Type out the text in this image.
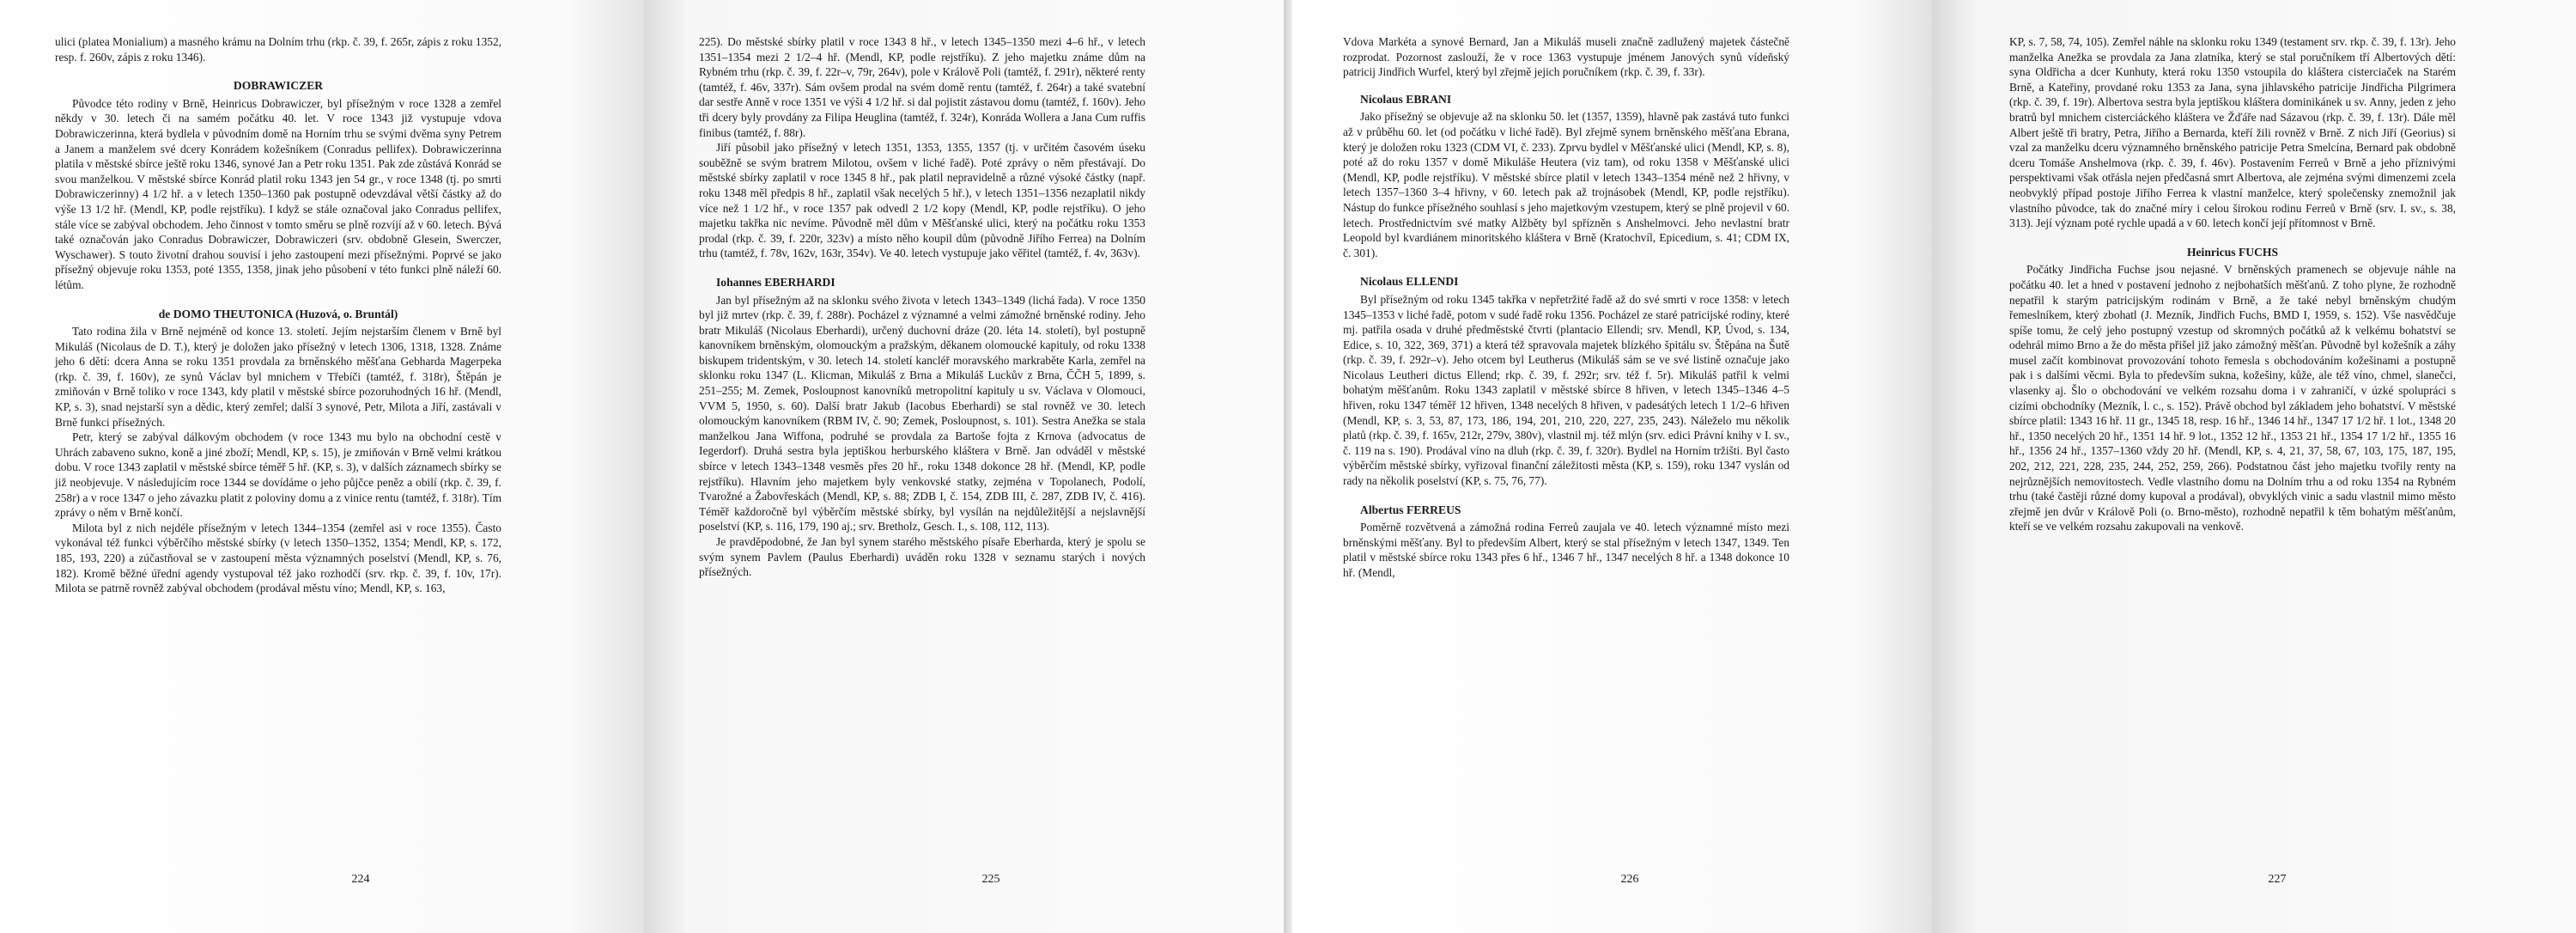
ulici (platea Monialium) a masného krámu na Dolním trhu (rkp. č. 39, f. 265r, zápis z roku 1352, resp. f. 260v, zápis z roku 1346).

DOBRAWICZER

Původce této rodiny v Brně, Heinricus Dobrawiczer, byl přísežným v roce 1328 a zemřel někdy v 30. letech či na samém počátku 40. let. V roce 1343 již vystupuje vdova Dobrawiczerinna, která bydlela v původním domě na Horním trhu se svými dvěma syny Petrem a Janem a manželem své dcery Konrádem kožešníkem (Conradus pellifex). Dobrawiczerinna platila v městské sbírce ještě roku 1346, synové Jan a Petr roku 1351. Pak zde zůstává Konrád se svou manželkou. V městské sbírce Konrád platil roku 1343 jen 54 gr., v roce 1348 (tj. po smrti Dobrawiczerinny) 4 1/2 hř. a v letech 1350–1360 pak postupně odevzdával větší částky až do výše 13 1/2 hř. (Mendl, KP, podle rejstříku). I když se stále označoval jako Conradus pellifex, stále více se zabýval obchodem. Jeho činnost v tomto směru se plně rozvíjí až v 60. letech. Bývá také označován jako Conradus Dobrawiczer, Dobrawiczeri (srv. obdobně Glesein, Swerczer, Wyschawer). S touto životní drahou souvisí i jeho zastoupení mezi přísežnými. Poprvé se jako přísežný objevuje roku 1353, poté 1355, 1358, jinak jeho působení v této funkci plně náleží 60. létům.

de DOMO THEUTONICA (Huzová, o. Bruntál)

Tato rodina žila v Brně nejméně od konce 13. století. Jejím nejstarším členem v Brně byl Mikuláš (Nicolaus de D. T.), který je doložen jako přísežný v letech 1306, 1318, 1328. Známe jeho 6 dětí: dcera Anna se roku 1351 provdala za brněnského měšťana Gebharda Magerpeka (rkp. č. 39, f. 160v), ze synů Václav byl mnichem v Třebíči (tamtéž, f. 318r), Štěpán je zmiňován v Brně toliko v roce 1343, kdy platil v městské sbírce pozoruhodných 16 hř. (Mendl, KP, s. 3), snad nejstarší syn a dědic, který zemřel; další 3 synové, Petr, Milota a Jiří, zastávali v Brně funkci přísežných.

Petr, který se zabýval dálkovým obchodem (v roce 1343 mu bylo na obchodní cestě v Uhrách zabaveno sukno, koně a jiné zboží; Mendl, KP, s. 15), je zmiňován v Brně velmi krátkou dobu. V roce 1343 zaplatil v městské sbírce téměř 5 hř. (KP, s. 3), v dalších záznamech sbírky se již neobjevuje. V následujícím roce 1344 se dovídáme o jeho půjčce peněz a obilí (rkp. č. 39, f. 258r) a v roce 1347 o jeho závazku platit z poloviny domu a z vinice rentu (tamtéž, f. 318r). Tím zprávy o něm v Brně končí.

Milota byl z nich nejdéle přísežným v letech 1344–1354 (zemřel asi v roce 1355). Často vykonával též funkci výběrčího městské sbírky (v letech 1350–1352, 1354; Mendl, KP, s. 172, 185, 193, 220) a zúčastňoval se v zastoupení města významných poselství (Mendl, KP, s. 76, 182). Kromě běžné úřední agendy vystupoval též jako rozhodčí (srv. rkp. č. 39, f. 10v, 17r). Milota se patrně rovněž zabýval obchodem (prodával městu víno; Mendl, KP, s. 163,

224

225). Do městské sbírky platil v roce 1343 8 hř., v letech 1345–1350 mezi 4–6 hř., v letech 1351–1354 mezi 2 1/2–4 hř. (Mendl, KP, podle rejstříku). Z jeho majetku známe dům na Rybném trhu (rkp. č. 39, f. 22r–v, 79r, 264v), pole v Králově Poli (tamtéž, f. 291r), některé renty (tamtéž, f. 46v, 337r). Sám ovšem prodal na svém domě rentu (tamtéž, f. 264r) a také svatební dar sestře Anně v roce 1351 ve výši 4 1/2 hř. si dal pojistit zástavou domu (tamtéž, f. 160v). Jeho tři dcery byly provdány za Filipa Heuglina (tamtéž, f. 324r), Konráda Wollera a Jana Cum ruffis finibus (tamtéž, f. 88r).

Jiří působil jako přísežný v letech 1351, 1353, 1355, 1357 (tj. v určitém časovém úseku souběžně se svým bratrem Milotou, ovšem v liché řadě). Poté zprávy o něm přestávají. Do městské sbírky zaplatil v roce 1345 8 hř., pak platil nepravidelně a různé výsoké částky (např. roku 1348 měl předpis 8 hř., zaplatil však necelých 5 hř.), v letech 1351–1356 nezaplatil nikdy více než 1 1/2 hř., v roce 1357 pak odvedl 2 1/2 kopy (Mendl, KP, podle rejstříku). O jeho majetku takřka nic nevíme. Původně měl dům v Měšťanské ulici, který na počátku roku 1353 prodal (rkp. č. 39, f. 220r, 323v) a místo něho koupil dům (původně Jiřího Ferrea) na Dolním trhu (tamtéž, f. 78v, 162v, 163r, 354v). Ve 40. letech vystupuje jako věřitel (tamtéž, f. 4v, 363v).

Iohannes EBERHARDI

Jan byl přísežným až na sklonku svého života v letech 1343–1349 (lichá řada). V roce 1350 byl již mrtev (rkp. č. 39, f. 288r). Pocházel z významné a velmi zámožné brněnské rodiny. Jeho bratr Mikuláš (Nicolaus Eberhardi), určený duchovní dráze (20. léta 14. století), byl postupně kanovníkem brněnským, olomouckým a pražským, děkanem olomoucké kapituly, od roku 1338 biskupem tridentským, v 30. letech 14. století kancléř moravského markraběte Karla, zemřel na sklonku roku 1347 (L. Klicman, Mikuláš z Brna a Mikuláš Luckův z Brna, ČČH 5, 1899, s. 251–255; M. Zemek, Posloupnost kanovníků metropolitní kapituly u sv. Václava v Olomouci, VVM 5, 1950, s. 60). Další bratr Jakub (Iacobus Eberhardi) se stal rovněž ve 30. letech olomouckým kanovníkem (RBM IV, č. 90; Zemek, Posloupnost, s. 101). Sestra Anežka se stala manželkou Jana Wiffona, podruhé se provdala za Bartoše fojta z Krnova (advocatus de Iegerdorf). Druhá sestra byla jeptiškou herburského kláštera v Brně. Jan odváděl v městské sbírce v letech 1343–1348 vesměs přes 20 hř., roku 1348 dokonce 28 hř. (Mendl, KP, podle rejstříku). Hlavním jeho majetkem byly venkovské statky, zejména v Topolanech, Podolí, Tvarožné a Žabovřeskách (Mendl, KP, s. 88; ZDB I, č. 154, ZDB III, č. 287, ZDB IV, č. 416). Téměř každoročně byl výběrčím městské sbírky, byl vysílán na nejdůležitější a nejslavnější poselství (KP, s. 116, 179, 190 aj.; srv. Bretholz, Gesch. I., s. 108, 112, 113).

Je pravděpodobné, že Jan byl synem starého městského písaře Eberharda, který je spolu se svým synem Pavlem (Paulus Eberhardi) uváděn roku 1328 v seznamu starých i nových přísežných.

225

Vdova Markéta a synové Bernard, Jan a Mikuláš museli značně zadlužený majetek částečně rozprodat. Pozornost zaslouží, že v roce 1363 vystupuje jménem Janových synů vídeňský patricij Jindřich Wurfel, který byl zřejmě jejich poručníkem (rkp. č. 39, f. 33r).

Nicolaus EBRANI

Jako přísežný se objevuje až na sklonku 50. let (1357, 1359), hlavně pak zastává tuto funkci až v průběhu 60. let (od počátku v liché řadě). Byl zřejmě synem brněnského měšťana Ebrana, který je doložen roku 1323 (CDM VI, č. 233). Zprvu bydlel v Měšťanské ulici (Mendl, KP, s. 8), poté až do roku 1357 v domě Mikuláše Heutera (viz tam), od roku 1358 v Měšťanské ulici (Mendl, KP, podle rejstříku). V městské sbírce platil v letech 1343–1354 méně než 2 hřivny, v letech 1357–1360 3–4 hřivny, v 60. letech pak až trojnásobek (Mendl, KP, podle rejstříku). Nástup do funkce přísežného souhlasí s jeho majetkovým vzestupem, který se plně projevil v 60. letech. Prostřednictvím své matky Alžběty byl spřízněn s Anshelmovci. Jeho nevlastní bratr Leopold byl kvardiánem minoritského kláštera v Brně (Kratochvíl, Epicedium, s. 41; CDM IX, č. 301).

Nicolaus ELLENDI

Byl přísežným od roku 1345 takřka v nepřetržité řadě až do své smrti v roce 1358: v letech 1345–1353 v liché řadě, potom v sudé řadě roku 1356. Pocházel ze staré patricijské rodiny, které mj. patřila osada v druhé předměstské čtvrti (plantacio Ellendi; srv. Mendl, KP, Úvod, s. 134, Edice, s. 10, 322, 369, 371) a která též spravovala majetek blízkého špitálu sv. Štěpána na Šutě (rkp. č. 39, f. 292r–v). Jeho otcem byl Leutherus (Mikuláš sám se ve své listině označuje jako Nicolaus Leutheri dictus Ellend; rkp. č. 39, f. 292r; srv. též f. 5r). Mikuláš patřil k velmi bohatým měšťanům. Roku 1343 zaplatil v městské sbírce 8 hřiven, v letech 1345–1346 4–5 hřiven, roku 1347 téměř 12 hřiven, 1348 necelých 8 hřiven, v padesátých letech 1 1/2–6 hřiven (Mendl, KP, s. 3, 53, 87, 173, 186, 194, 201, 210, 220, 227, 235, 243). Náleželo mu několik platů (rkp. č. 39, f. 165v, 212r, 279v, 380v), vlastnil mj. též mlýn (srv. edici Právní knihy v I. sv., č. 119 na s. 190). Prodával víno na dluh (rkp. č. 39, f. 320r). Bydlel na Horním tržišti. Byl často výběrčím městské sbírky, vyřizoval finanční záležitosti města (KP, s. 159), roku 1347 vyslán od rady na několik poselství (KP, s. 75, 76, 77).

Albertus FERREUS

Poměrně rozvětvená a zámožná rodina Ferreů zaujala ve 40. letech významné místo mezi brněnskými měšťany. Byl to především Albert, který se stal přísežným v letech 1347, 1349. Ten platil v městské sbírce roku 1343 přes 6 hř., 1346 7 hř., 1347 necelých 8 hř. a 1348 dokonce 10 hř. (Mendl,

226

KP, s. 7, 58, 74, 105). Zemřel náhle na sklonku roku 1349 (testament srv. rkp. č. 39, f. 13r). Jeho manželka Anežka se provdala za Jana zlatníka, který se stal poručníkem tří Albertových dětí: syna Oldřicha a dcer Kunhuty, která roku 1350 vstoupila do kláštera cisterciaček na Starém Brně, a Kateřiny, provdané roku 1353 za Jana, syna jihlavského patricije Jindřicha Pilgrimera (rkp. č. 39, f. 19r). Albertova sestra byla jeptiškou kláštera dominikánek u sv. Anny, jeden z jeho bratrů byl mnichem cisterciáckého kláštera ve Žďáře nad Sázavou (rkp. č. 39, f. 13r). Dále měl Albert ještě tři bratry, Petra, Jiřího a Bernarda, kteří žili rovněž v Brně. Z nich Jiří (Georius) si vzal za manželku dceru významného brněnského patricije Petra Smelcína, Bernard pak obdobně dceru Tomáše Anshelmova (rkp. č. 39, f. 46v). Postavením Ferreů v Brně a jeho příznivými perspektivami však otřásla nejen předčasná smrt Albertova, ale zejména svými dimenzemi zcela neobvyklý případ postoje Jiřího Ferrea k vlastní manželce, který společensky znemožnil jak vlastního původce, tak do značné míry i celou širokou rodinu Ferreů v Brně (srv. I. sv., s. 38, 313). Její význam poté rychle upadá a v 60. letech končí její přítomnost v Brně.

Heinricus FUCHS

Počátky Jindřicha Fuchse jsou nejasné. V brněnských pramenech se objevuje náhle na počátku 40. let a hned v postavení jednoho z nejbohatších měšťanů. Z toho plyne, že rozhodně nepatřil k starým patricijským rodinám v Brně, a že také nebyl brněnským chudým řemeslníkem, který zbohatl (J. Mezník, Jindřich Fuchs, BMD I, 1959, s. 152). Vše nasvědčuje spíše tomu, že celý jeho postupný vzestup od skromných počátků až k velkému bohatství se odehrál mimo Brno a že do města přišel již jako zámožný měšťan. Původně byl kožešník a záhy musel začít kombinovat provozování tohoto řemesla s obchodováním kožešinami a postupně pak i s dalšími věcmi. Byla to především sukna, kožešiny, kůže, ale též víno, chmel, slanečci, vlasenky aj. Šlo o obchodování ve velkém rozsahu doma i v zahraničí, v úzké spolupráci s cizími obchodníky (Mezník, l. c., s. 152). Právě obchod byl základem jeho bohatství. V městské sbírce platil: 1343 16 hř. 11 gr., 1345 18, resp. 16 hř., 1346 14 hř., 1347 17 1/2 hř. 1 lot., 1348 20 hř., 1350 necelých 20 hř., 1351 14 hř. 9 lot., 1352 12 hř., 1353 21 hř., 1354 17 1/2 hř., 1355 16 hř., 1356 24 hř., 1357–1360 vždy 20 hř. (Mendl, KP, s. 4, 21, 37, 58, 67, 103, 175, 187, 195, 202, 212, 221, 228, 235, 244, 252, 259, 266). Podstatnou část jeho majetku tvořily renty na nejrůznějších nemovitostech. Vedle vlastního domu na Dolním trhu a od roku 1354 na Rybném trhu (také častěji různé domy kupoval a prodával), obvyklých vinic a sadu vlastnil mimo město zřejmě jen dvůr v Králově Poli (o. Brno-město), rozhodně nepatřil k těm bohatým měšťanům, kteří se ve velkém rozsahu zakupovali na venkově.

227
